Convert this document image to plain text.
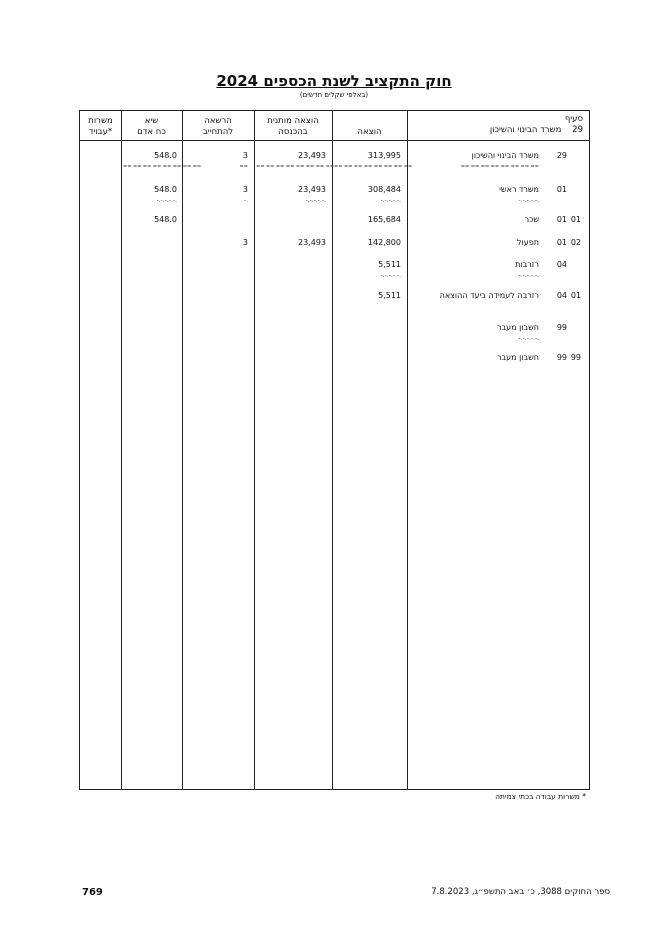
חוק התקציב לשנת הכספים 2024
(באלפי שקלים חדשים)
משרות
עבויד*
שיא
כח אדם
הרשאה
להתחייב
הוצאה מותנית
בהכנסה	הוצאה
סעיף
29    משרד הבינוי והשיכון
29
משרד הבינוי והשיכון
313,995
23,493
3
548.0
== == == == == == == ==
== == == == == == == ==
== == == == == == == ==
==
== == == == == == == ==
01
משרד ראשי
308,484
23,493
3
548.0
-.-.-.-.-.
-.-.-.-.-.
-.-.-.-.-.
-.
-.-.-.-.-.
01
01
שכר
165,684
548.0
02
01
תפעול
142,800
23,493
3
04
רזרבות
5,511
-.-.-.-.-.
-.-.-.-.-.
01
04
רזרבה לעמידה ביעד ההוצאה
5,511
99
חשבון מעבר
-.-.-.-.-.
99
99
חשבון מעבר
* משרות עבודה בכתי צמיתה
769	ספר החוקים 3088, כ׳ באב התשפ״ג, 7.8.2023
